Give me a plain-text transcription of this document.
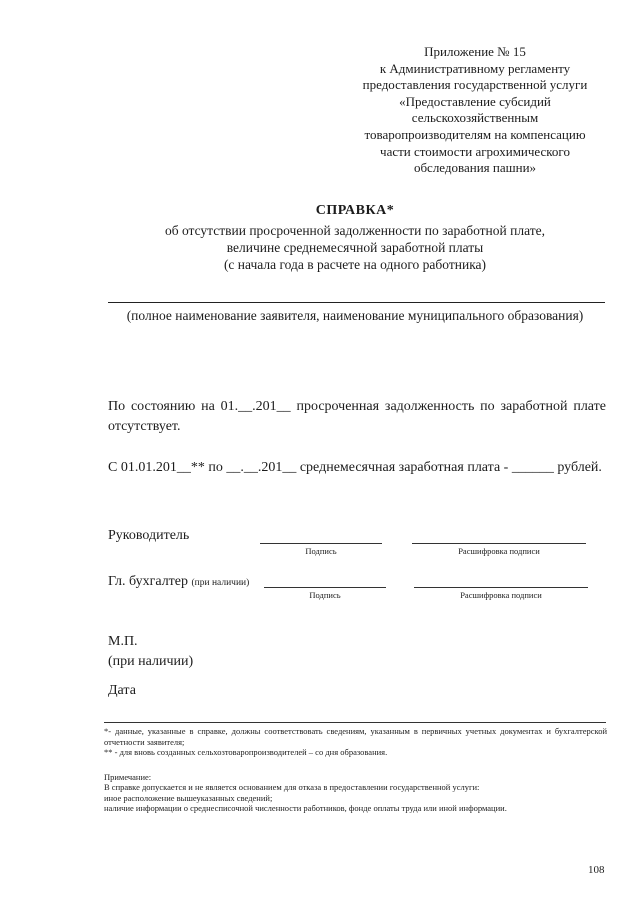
Приложение № 15
к Административному регламенту
предоставления государственной услуги
«Предоставление субсидий
сельскохозяйственным
товаропроизводителям на компенсацию
части стоимости агрохимического
обследования пашни»
СПРАВКА*
об отсутствии просроченной задолженности по заработной плате,
величине среднемесячной заработной платы
(с начала года в расчете на одного работника)
(полное наименование заявителя, наименование муниципального образования)
По состоянию на 01.__.201__ просроченная задолженность по заработной плате отсутствует.
С 01.01.201__** по __.__.201__ среднемесячная заработная плата - ______ рублей.
Руководитель
Подпись	Расшифровка подписи
Гл. бухгалтер (при наличии)
Подпись	Расшифровка подписи
М.П.
(при наличии)
Дата

*- данные, указанные в справке, должны соответствовать сведениям, указанным в первичных учетных документах и бухгалтерской отчетности заявителя;

** - для вновь созданных сельхозтоваропроизводителей – со дня образования.

Примечание:

В справке допускается и не является основанием для отказа в предоставлении государственной услуги:

иное расположение вышеуказанных сведений;

наличие информации о среднесписочной численности работников, фонде оплаты труда или иной информации.

108
